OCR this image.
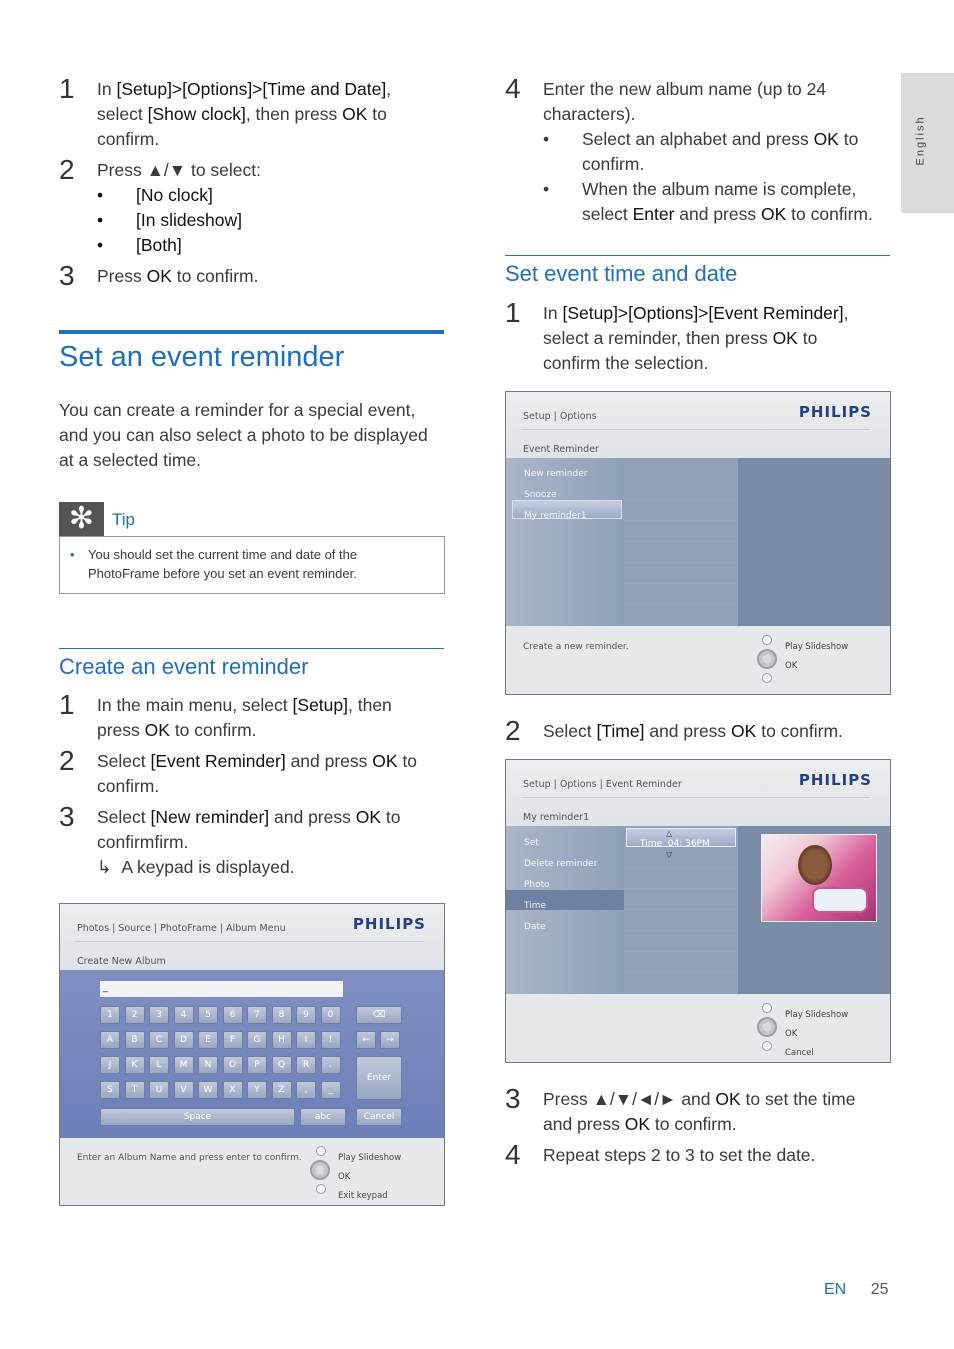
English
1 In [Setup]>[Options]>[Time and Date],
select [Show clock], then press OK to
confirm.

2 Press ▲/▼ to select:

• [No clock]
• [In slideshow]
• [Both]
3 Press OK to confirm.

Set an event reminder
You can create a reminder for a special event,
and you can also select a photo to be displayed
at a selected time.
✻	Tip
•	You should set the current time and date of the
PhotoFrame before you set an event reminder.
Create an event reminder
1 In the main menu, select [Setup], then
press OK to confirm.

2 Select [Event Reminder] and press OK to
confirm.

3 Select [New reminder] and press OK to
confirmfirm.

↳  A keypad is displayed.

Photos | Source | PhotoFrame | Album Menu	PHILIPS
Create New Album
_
1	2	3	4	5	6	7	8	9	0
A	B	C	D	E	F	G	H	I	!
J	K	L	M	N	O	P	Q	R	.
S	T	U	V	W	X	Y	Z	,	_
⌫
←	→
Enter
Space	abc	Cancel
Enter an Album Name and press enter to confirm.	Play Slideshow
OK
Exit keypad
4 Enter the new album name (up to 24

characters).

• Select an alphabet and press OK to
confirm.
• When the album name is complete,
select Enter and press OK to confirm.
Set event time and date
1 In [Setup]>[Options]>[Event Reminder],
select a reminder, then press OK to
confirm the selection.

Setup | Options	PHILIPS
Event Reminder
New reminder
Snooze
My reminder1
Create a new reminder.	Play Slideshow
OK
2 Select [Time] and press OK to confirm.

Setup | Options | Event Reminder	PHILIPS
My reminder1
Set
Delete reminder
Photo
Time
Date
Time  04: 36PM
△
▽
Play Slideshow
OK
Cancel
3 Press ▲/▼/◄/► and OK to set the time
and press OK to confirm.

4 Repeat steps 2 to 3 to set the date.

EN 25
